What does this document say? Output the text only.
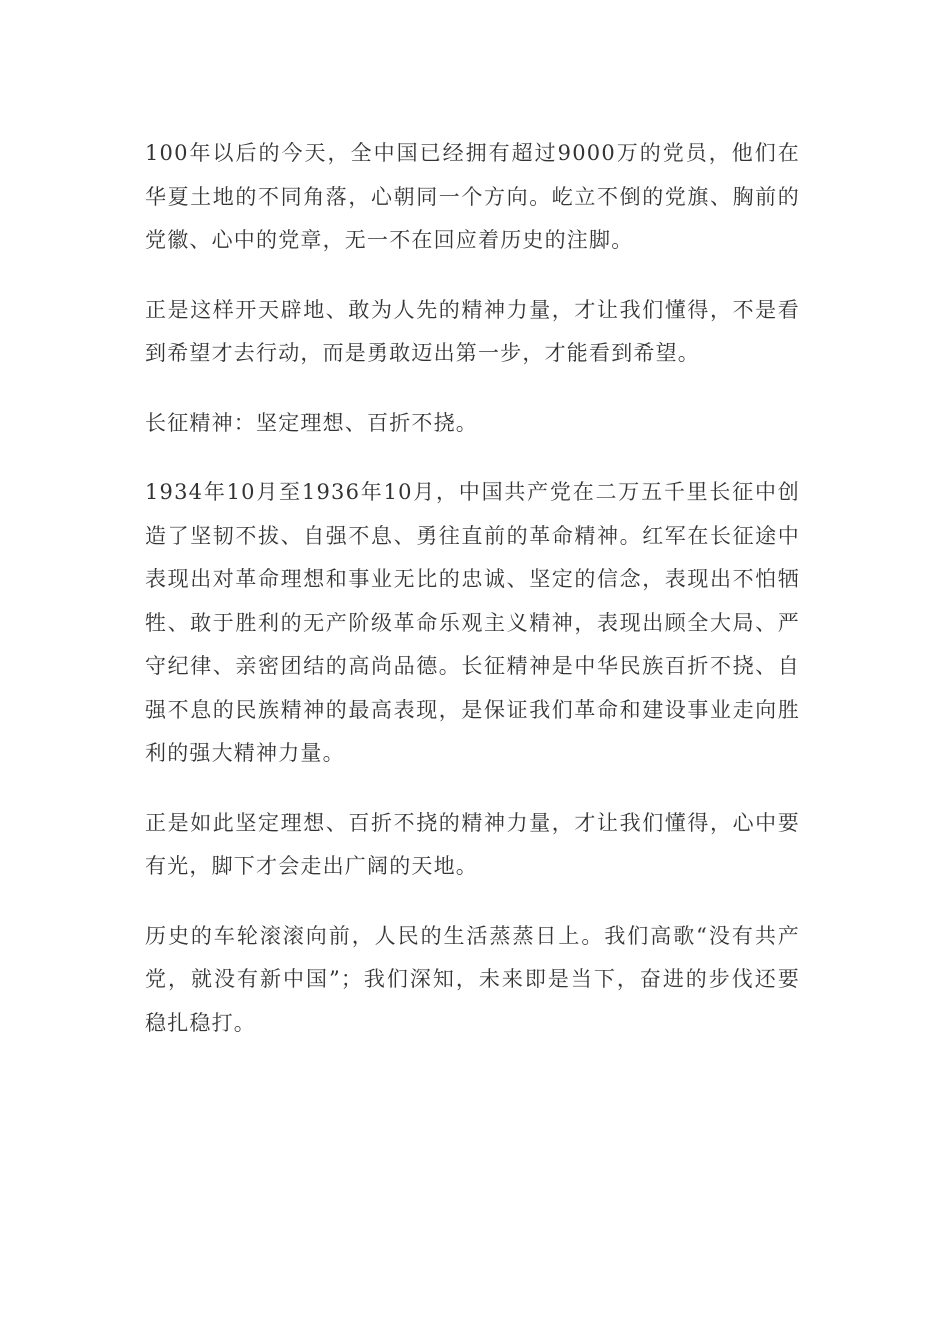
100年以后的今天，全中国已经拥有超过9000万的党员，他们在华夏土地的不同角落，心朝同一个方向。屹立不倒的党旗、胸前的党徽、心中的党章，无一不在回应着历史的注脚。

正是这样开天辟地、敢为人先的精神力量，才让我们懂得，不是看到希望才去行动，而是勇敢迈出第一步，才能看到希望。

长征精神：坚定理想、百折不挠。

1934年10月至1936年10月，中国共产党在二万五千里长征中创造了坚韧不拔、自强不息、勇往直前的革命精神。红军在长征途中表现出对革命理想和事业无比的忠诚、坚定的信念，表现出不怕牺牲、敢于胜利的无产阶级革命乐观主义精神，表现出顾全大局、严守纪律、亲密团结的高尚品德。长征精神是中华民族百折不挠、自强不息的民族精神的最高表现，是保证我们革命和建设事业走向胜利的强大精神力量。

正是如此坚定理想、百折不挠的精神力量，才让我们懂得，心中要有光，脚下才会走出广阔的天地。

历史的车轮滚滚向前，人民的生活蒸蒸日上。我们高歌“没有共产党，就没有新中国”；我们深知，未来即是当下，奋进的步伐还要稳扎稳打。
